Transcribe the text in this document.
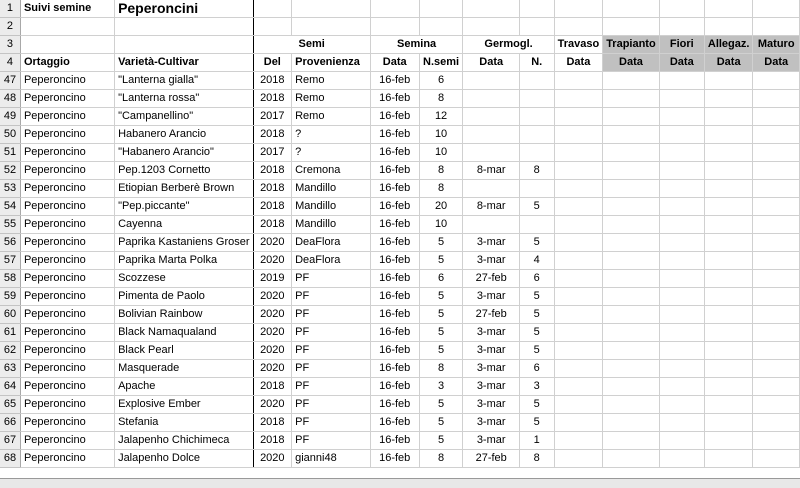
1	Suivi semine	Peperoncini											
2													
3			Semi		Semina		Germogl.		Travaso	Trapianto	Fiori	Allegaz.	Maturo
4	Ortaggio	Varietà-Cultivar	Del	Provenienza	Data	N.semi	Data	N.	Data	Data	Data	Data	Data
47	Peperoncino	"Lanterna gialla"	2018	Remo	16-feb	6							
48	Peperoncino	"Lanterna rossa"	2018	Remo	16-feb	8							
49	Peperoncino	"Campanellino"	2017	Remo	16-feb	12							
50	Peperoncino	Habanero Arancio	2018	?	16-feb	10							
51	Peperoncino	"Habanero Arancio"	2017	?	16-feb	10							
52	Peperoncino	Pep.1203 Cornetto	2018	Cremona	16-feb	8	8-mar	8					
53	Peperoncino	Etiopian Berberè Brown	2018	Mandillo	16-feb	8							
54	Peperoncino	"Pep.piccante"	2018	Mandillo	16-feb	20	8-mar	5					
55	Peperoncino	Cayenna	2018	Mandillo	16-feb	10							
56	Peperoncino	Paprika Kastaniens Groser	2020	DeaFlora	16-feb	5	3-mar	5					
57	Peperoncino	Paprika Marta Polka	2020	DeaFlora	16-feb	5	3-mar	4					
58	Peperoncino	Scozzese	2019	PF	16-feb	6	27-feb	6					
59	Peperoncino	Pimenta de Paolo	2020	PF	16-feb	5	3-mar	5					
60	Peperoncino	Bolivian Rainbow	2020	PF	16-feb	5	27-feb	5					
61	Peperoncino	Black Namaqualand	2020	PF	16-feb	5	3-mar	5					
62	Peperoncino	Black Pearl	2020	PF	16-feb	5	3-mar	5					
63	Peperoncino	Masquerade	2020	PF	16-feb	8	3-mar	6					
64	Peperoncino	Apache	2018	PF	16-feb	3	3-mar	3					
65	Peperoncino	Explosive Ember	2020	PF	16-feb	5	3-mar	5					
66	Peperoncino	Stefania	2018	PF	16-feb	5	3-mar	5					
67	Peperoncino	Jalapenho Chichimeca	2018	PF	16-feb	5	3-mar	1					
68	Peperoncino	Jalapenho Dolce	2020	gianni48	16-feb	8	27-feb	8					
